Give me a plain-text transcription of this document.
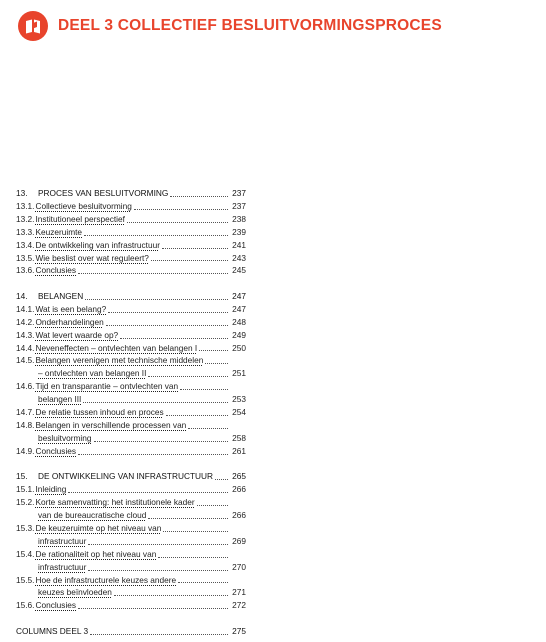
DEEL 3 COLLECTIEF BESLUITVORMINGSPROCES
13.	PROCES VAN BESLUITVORMING	237
13.1. Collectieve besluitvorming	237
13.2. Institutioneel perspectief	238
13.3. Keuzeruimte	239
13.4. De ontwikkeling van infrastructuur	241
13.5. Wie beslist over wat reguleert?	243
13.6. Conclusies	245
14.	BELANGEN	247
14.1. Wat is een belang?	247
14.2. Onderhandelingen	248
14.3. Wat levert waarde op?	249
14.4. Neveneffecten – ontvlechten van belangen I	250
14.5. Belangen verenigen met technische middelen
– ontvlechten van belangen II	251
14.6. Tijd en transparantie – ontvlechten van
belangen III	253
14.7. De relatie tussen inhoud en proces	254
14.8. Belangen in verschillende processen van
besluitvorming	258
14.9. Conclusies	261
15.	DE ONTWIKKELING VAN INFRASTRUCTUUR 265
15.1. Inleiding	266
15.2. Korte samenvatting: het institutionele kader
van de bureaucratische cloud	266
15.3. De keuzeruimte op het niveau van
infrastructuur	269
15.4. De rationaliteit op het niveau van
infrastructuur	270
15.5. Hoe de infrastructurele keuzes andere
keuzes beïnvloeden	271
15.6. Conclusies	272
COLUMNS DEEL 3	275
